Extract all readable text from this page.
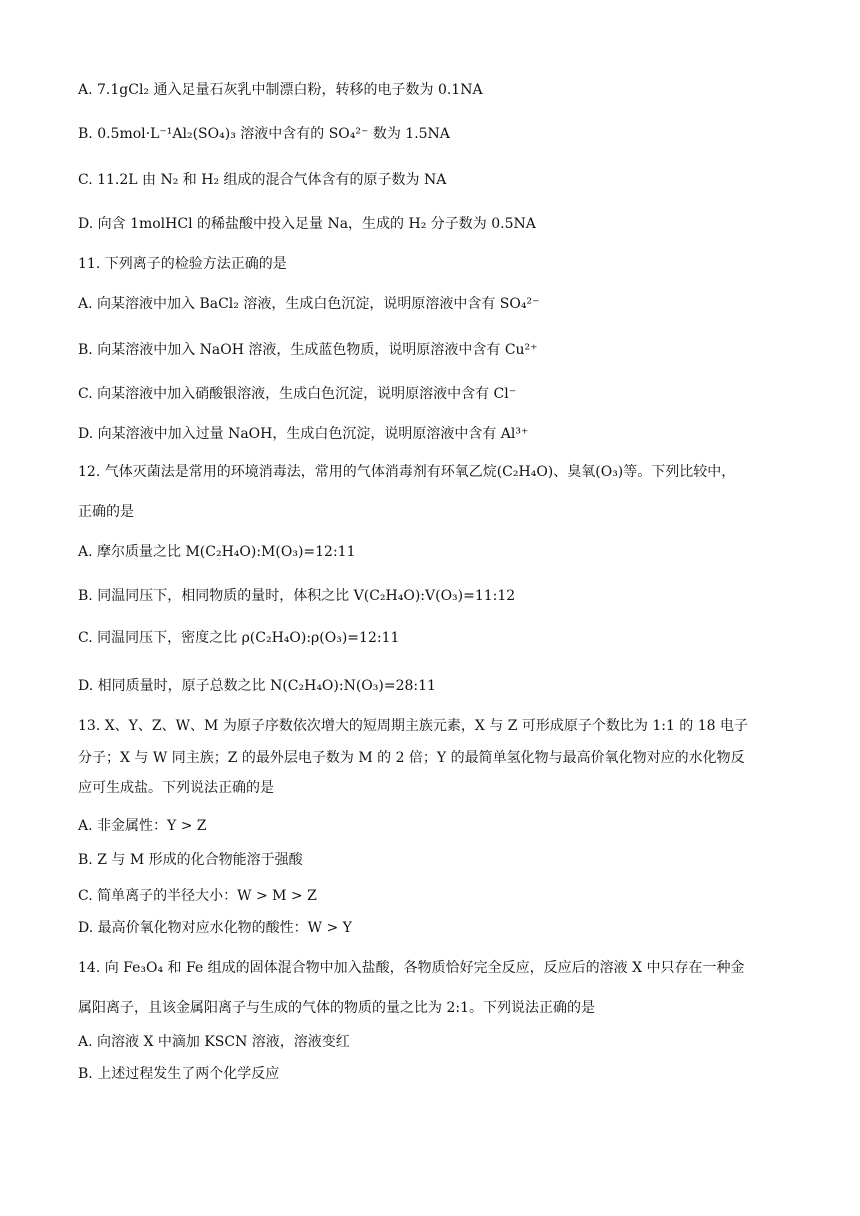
A. 7.1gCl₂ 通入足量石灰乳中制漂白粉，转移的电子数为 0.1NA
B. 0.5mol·L⁻¹Al₂(SO₄)₃ 溶液中含有的 SO₄²⁻ 数为 1.5NA
C. 11.2L 由 N₂ 和 H₂ 组成的混合气体含有的原子数为 NA
D. 向含 1molHCl 的稀盐酸中投入足量 Na，生成的 H₂ 分子数为 0.5NA
11. 下列离子的检验方法正确的是
A. 向某溶液中加入 BaCl₂ 溶液，生成白色沉淀，说明原溶液中含有 SO₄²⁻
B. 向某溶液中加入 NaOH 溶液，生成蓝色物质，说明原溶液中含有 Cu²⁺
C. 向某溶液中加入硝酸银溶液，生成白色沉淀，说明原溶液中含有 Cl⁻
D. 向某溶液中加入过量 NaOH，生成白色沉淀，说明原溶液中含有 Al³⁺
12. 气体灭菌法是常用的环境消毒法，常用的气体消毒剂有环氧乙烷(C₂H₄O)、臭氧(O₃)等。下列比较中，
正确的是
A. 摩尔质量之比 M(C₂H₄O):M(O₃)=12:11
B. 同温同压下，相同物质的量时，体积之比 V(C₂H₄O):V(O₃)=11:12
C. 同温同压下，密度之比 ρ(C₂H₄O):ρ(O₃)=12:11
D. 相同质量时，原子总数之比 N(C₂H₄O):N(O₃)=28:11
13. X、Y、Z、W、M 为原子序数依次增大的短周期主族元素，X 与 Z 可形成原子个数比为 1:1 的 18 电子
分子；X 与 W 同主族；Z 的最外层电子数为 M 的 2 倍；Y 的最简单氢化物与最高价氧化物对应的水化物反
应可生成盐。下列说法正确的是
A. 非金属性：Y > Z
B. Z 与 M 形成的化合物能溶于强酸
C. 简单离子的半径大小：W > M > Z
D. 最高价氧化物对应水化物的酸性：W > Y
14. 向 Fe₃O₄ 和 Fe 组成的固体混合物中加入盐酸，各物质恰好完全反应，反应后的溶液 X 中只存在一种金
属阳离子，且该金属阳离子与生成的气体的物质的量之比为 2:1。下列说法正确的是
A. 向溶液 X 中滴加 KSCN 溶液，溶液变红
B. 上述过程发生了两个化学反应
